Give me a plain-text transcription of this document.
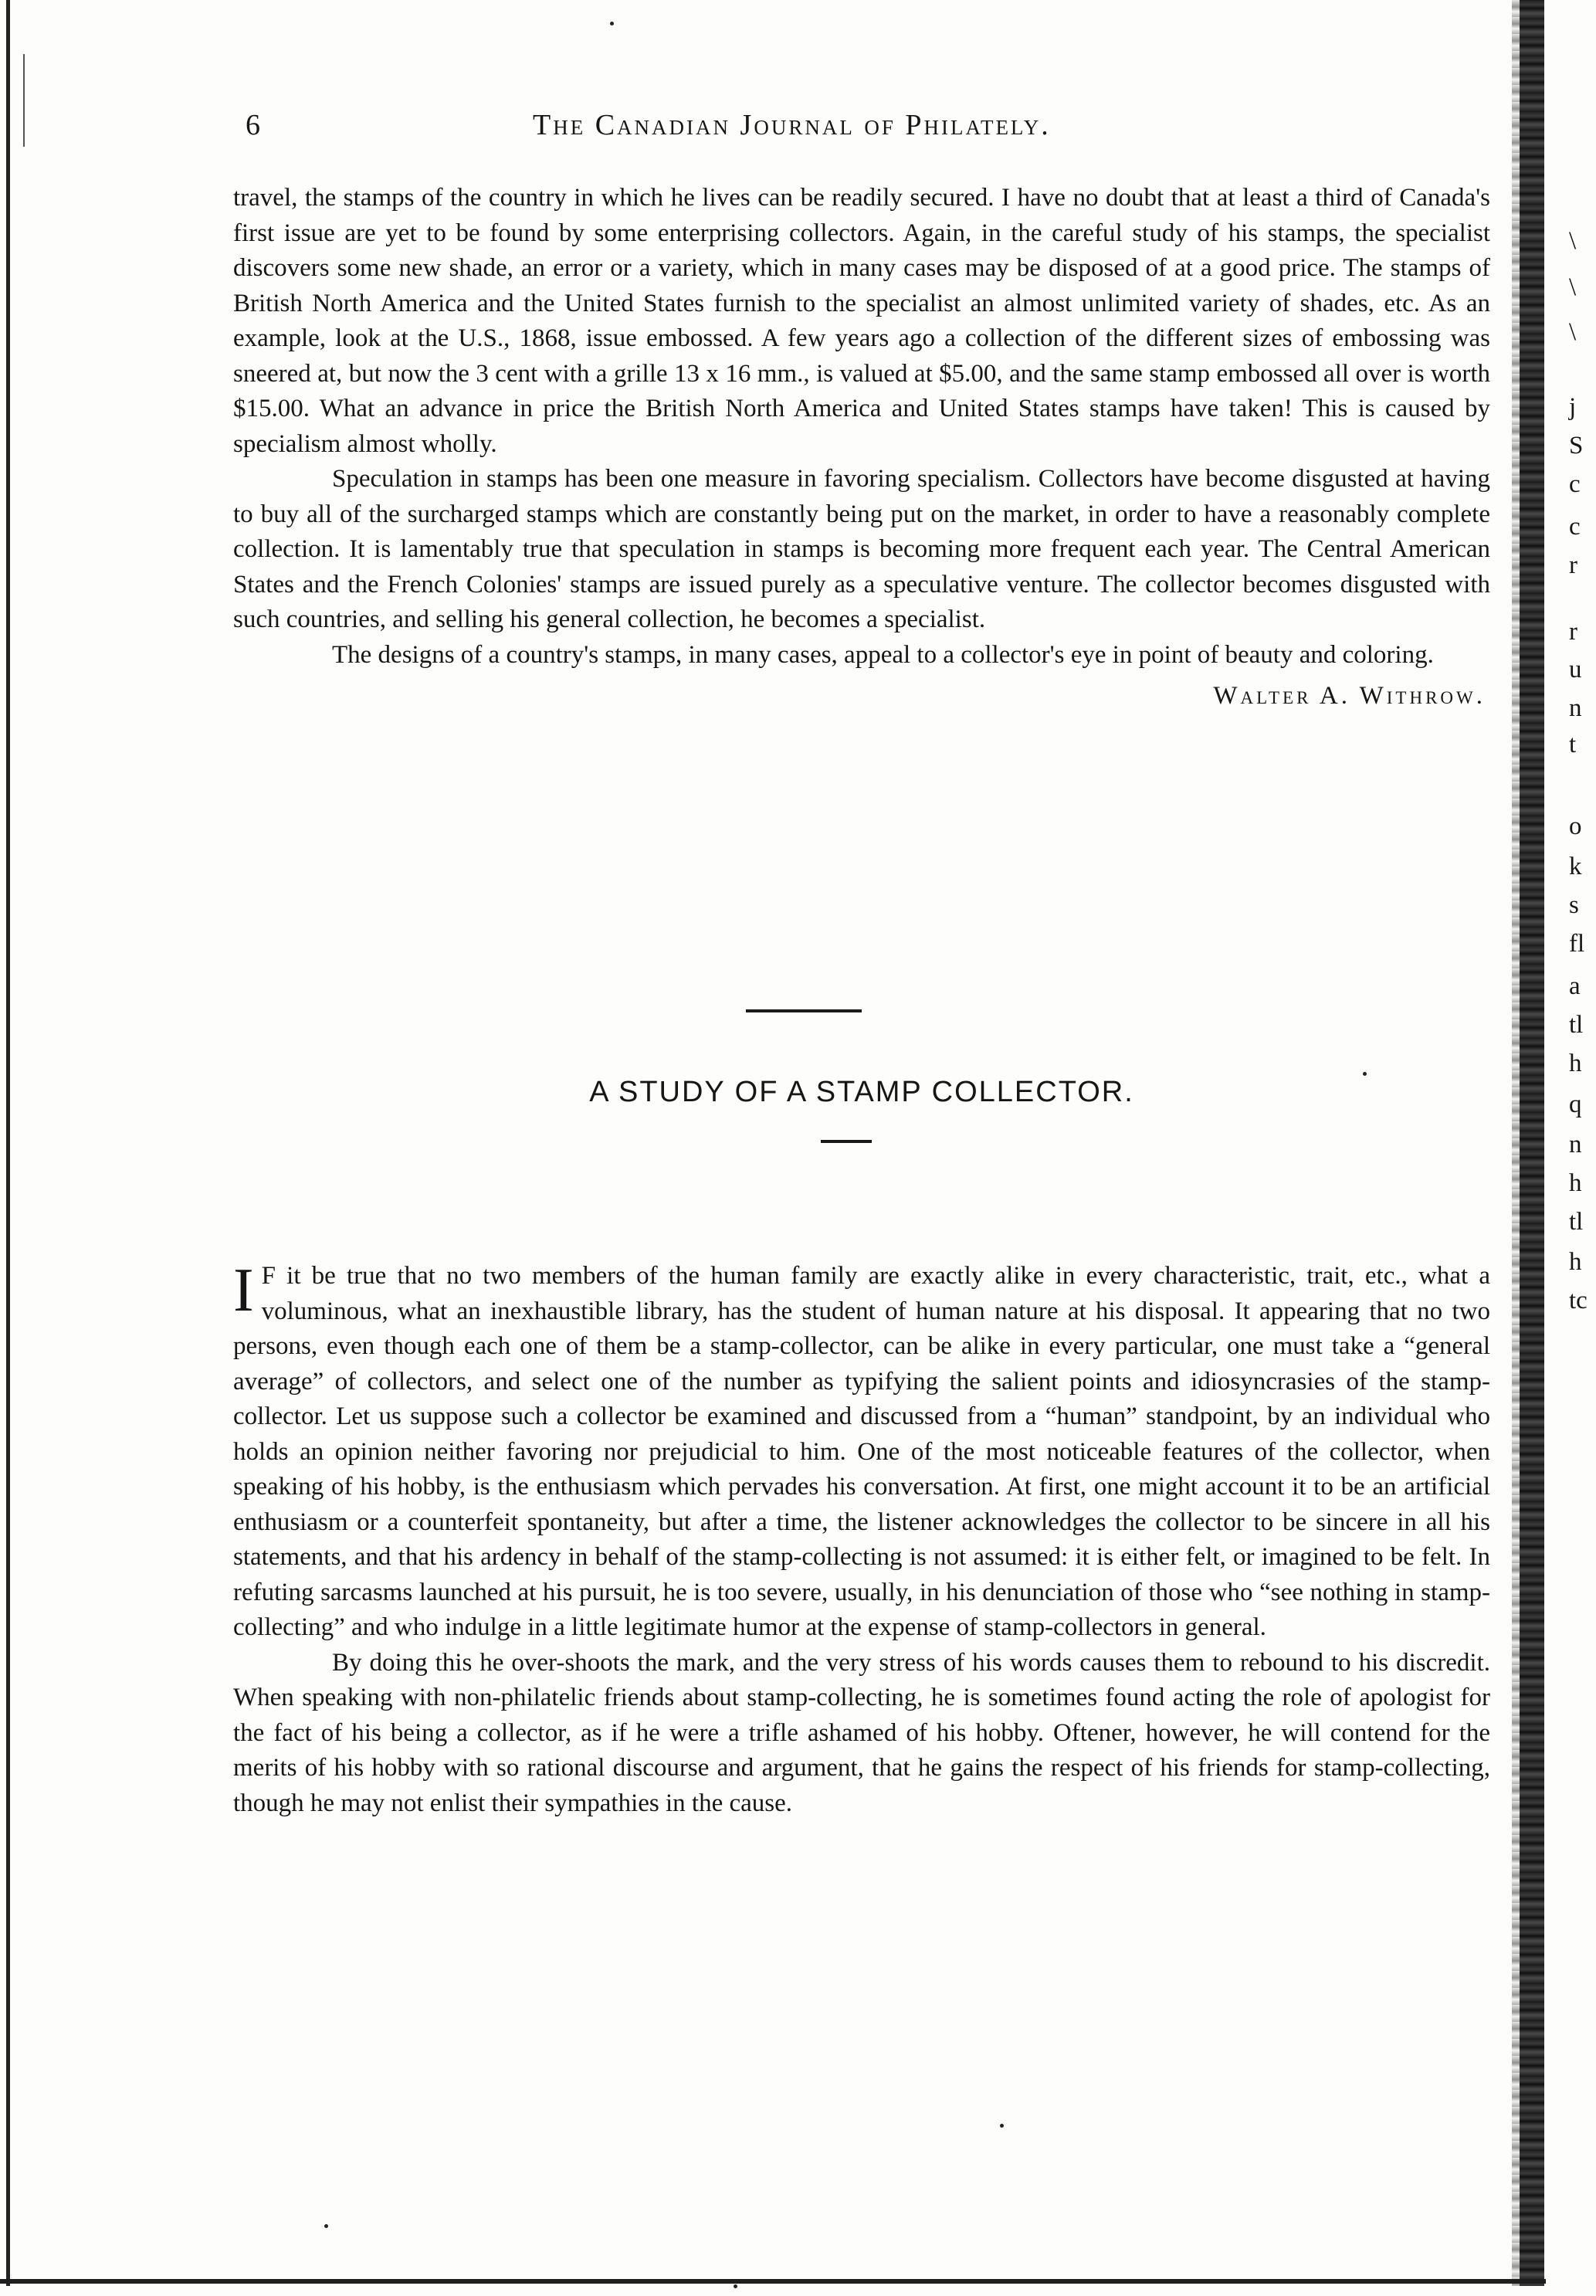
6	The Canadian Journal of Philately.

travel, the stamps of the country in which he lives can be readily secured. I have no doubt that at least a third of Canada's first issue are yet to be found by some enterprising collectors. Again, in the careful study of his stamps, the specialist discovers some new shade, an error or a variety, which in many cases may be disposed of at a good price. The stamps of British North America and the United States furnish to the specialist an almost unlimited variety of shades, etc. As an example, look at the U.S., 1868, issue embossed. A few years ago a collection of the different sizes of embossing was sneered at, but now the 3 cent with a grille 13 x 16 mm., is valued at $5.00, and the same stamp embossed all over is worth $15.00. What an advance in price the British North America and United States stamps have taken! This is caused by specialism almost wholly.

Speculation in stamps has been one measure in favoring specialism. Collectors have become disgusted at having to buy all of the surcharged stamps which are constantly being put on the market, in order to have a reasonably complete collection. It is lamentably true that speculation in stamps is becoming more frequent each year. The Central American States and the French Colonies' stamps are issued purely as a speculative venture. The collector becomes disgusted with such countries, and selling his general collection, he becomes a specialist.

The designs of a country's stamps, in many cases, appeal to a collector's eye in point of beauty and coloring.

Walter A. Withrow.
A STUDY OF A STAMP COLLECTOR.

I F it be true that no two members of the human family are exactly alike in every characteristic, trait, etc., what a voluminous, what an inexhaustible library, has the student of human nature at his disposal. It appearing that no two persons, even though each one of them be a stamp-collector, can be alike in every particular, one must take a “general average” of collectors, and select one of the number as typifying the salient points and idiosyncrasies of the stamp-collector. Let us suppose such a collector be examined and discussed from a “human” standpoint, by an individual who holds an opinion neither favoring nor prejudicial to him. One of the most noticeable features of the collector, when speaking of his hobby, is the enthusiasm which pervades his conversation. At first, one might account it to be an artificial enthusiasm or a counterfeit spontaneity, but after a time, the listener acknowledges the collector to be sincere in all his statements, and that his ardency in behalf of the stamp-collecting is not assumed: it is either felt, or imagined to be felt. In refuting sarcasms launched at his pursuit, he is too severe, usually, in his denunciation of those who “see nothing in stamp-collecting” and who indulge in a little legitimate humor at the expense of stamp-collectors in general.

By doing this he over-shoots the mark, and the very stress of his words causes them to rebound to his discredit. When speaking with non-philatelic friends about stamp-collecting, he is sometimes found acting the role of apologist for the fact of his being a collector, as if he were a trifle ashamed of his hobby. Oftener, however, he will contend for the merits of his hobby with so rational discourse and argument, that he gains the respect of his friends for stamp-collecting, though he may not enlist their sympathies in the cause.

\
\
\
j
S
c
c
r
r
u
n
t
o
k
s
fl
a
tl
h
q
n
h
tl
h
tc
